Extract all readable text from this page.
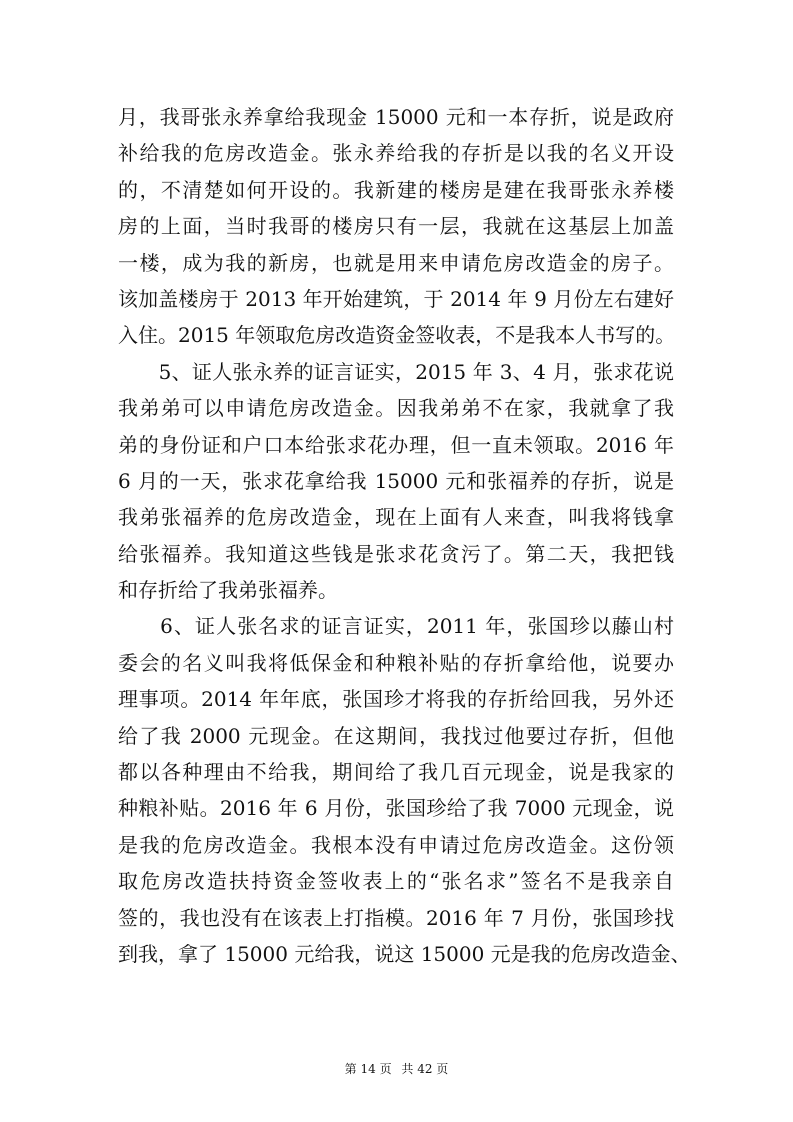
月，我哥张永养拿给我现金 15000 元和一本存折，说是政府
补给我的危房改造金。张永养给我的存折是以我的名义开设
的，不清楚如何开设的。我新建的楼房是建在我哥张永养楼
房的上面，当时我哥的楼房只有一层，我就在这基层上加盖
一楼，成为我的新房，也就是用来申请危房改造金的房子。
该加盖楼房于 2013 年开始建筑，于 2014 年 9 月份左右建好
入住。2015 年领取危房改造资金签收表，不是我本人书写的。
　　5、证人张永养的证言证实，2015 年 3、4 月，张求花说
我弟弟可以申请危房改造金。因我弟弟不在家，我就拿了我
弟的身份证和户口本给张求花办理，但一直未领取。2016 年
6 月的一天，张求花拿给我 15000 元和张福养的存折，说是
我弟张福养的危房改造金，现在上面有人来查，叫我将钱拿
给张福养。我知道这些钱是张求花贪污了。第二天，我把钱
和存折给了我弟张福养。
　　6、证人张名求的证言证实，2011 年，张国珍以藤山村
委会的名义叫我将低保金和种粮补贴的存折拿给他，说要办
理事项。2014 年年底，张国珍才将我的存折给回我，另外还
给了我 2000 元现金。在这期间，我找过他要过存折，但他
都以各种理由不给我，期间给了我几百元现金，说是我家的
种粮补贴。2016 年 6 月份，张国珍给了我 7000 元现金，说
是我的危房改造金。我根本没有申请过危房改造金。这份领
取危房改造扶持资金签收表上的“张名求”签名不是我亲自
签的，我也没有在该表上打指模。2016 年 7 月份，张国珍找
到我，拿了 15000 元给我，说这 15000 元是我的危房改造金、
第 14 页 共 42 页
